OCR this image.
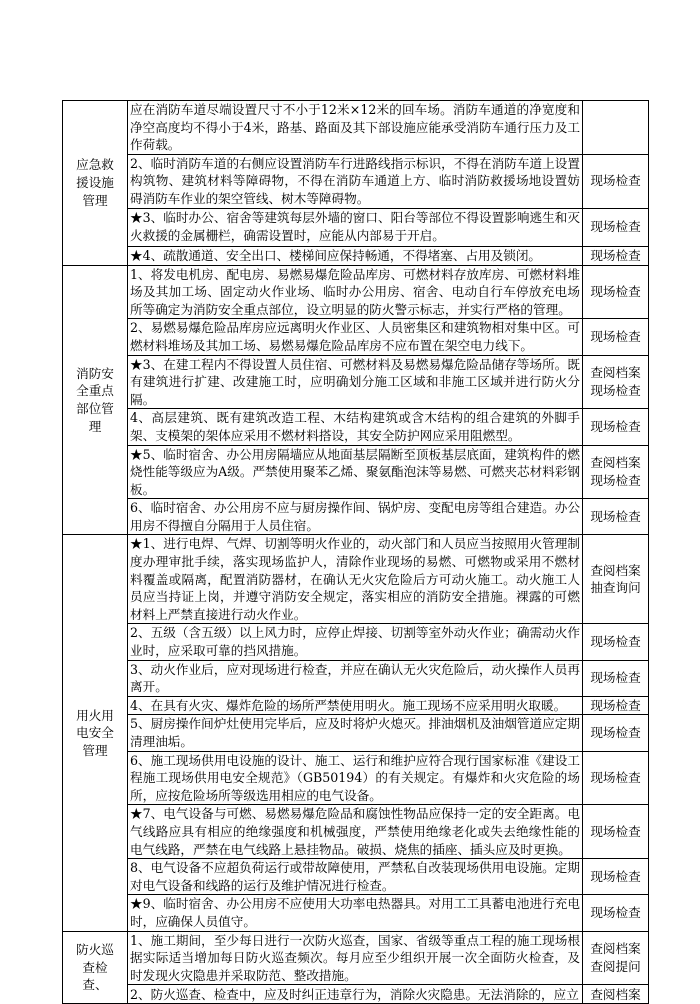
应急救援设施管理	应在消防车道尽端设置尺寸不小于12米×12米的回车场。消防车通道的净宽度和净空高度均不得小于4米，路基、路面及其下部设施应能承受消防车通行压力及工作荷载。	
	2、临时消防车道的右侧应设置消防车行进路线指示标识，不得在消防车道上设置构筑物、建筑材料等障碍物，不得在消防车通道上方、临时消防救援场地设置妨碍消防车作业的架空管线、树木等障碍物。	现场检查
	★3、临时办公、宿舍等建筑每层外墙的窗口、阳台等部位不得设置影响逃生和灭火救援的金属栅栏，确需设置时，应能从内部易于开启。	现场检查
	★4、疏散通道、安全出口、楼梯间应保持畅通，不得堵塞、占用及锁闭。	现场检查
消防安全重点部位管理	1、将发电机房、配电房、易燃易爆危险品库房、可燃材料存放库房、可燃材料堆场及其加工场、固定动火作业场、临时办公用房、宿舍、电动自行车停放充电场所等确定为消防安全重点部位，设立明显的防火警示标志，并实行严格的管理。	现场检查
	2、易燃易爆危险品库房应远离明火作业区、人员密集区和建筑物相对集中区。可燃材料堆场及其加工场、易燃易爆危险品库房不应布置在架空电力线下。	现场检查
	★3、在建工程内不得设置人员住宿、可燃材料及易燃易爆危险品储存等场所。既有建筑进行扩建、改建施工时，应明确划分施工区域和非施工区域并进行防火分隔。	查阅档案现场检查
	4、高层建筑、既有建筑改造工程、木结构建筑或含木结构的组合建筑的外脚手架、支模架的架体应采用不燃材料搭设，其安全防护网应采用阻燃型。	现场检查
	★5、临时宿舍、办公用房隔墙应从地面基层隔断至顶板基层底面，建筑构件的燃烧性能等级应为A级。严禁使用聚苯乙烯、聚氨酯泡沫等易燃、可燃夹芯材料彩钢板。	查阅档案现场检查
	6、临时宿舍、办公用房不应与厨房操作间、锅炉房、变配电房等组合建造。办公用房不得擅自分隔用于人员住宿。	现场检查
用火用电安全管理	★1、进行电焊、气焊、切割等明火作业的，动火部门和人员应当按照用火管理制度办理审批手续，落实现场监护人，清除作业现场的易燃、可燃物或采用不燃材料覆盖或隔离，配置消防器材，在确认无火灾危险后方可动火施工。动火施工人员应当持证上岗，并遵守消防安全规定，落实相应的消防安全措施。裸露的可燃材料上严禁直接进行动火作业。	查阅档案抽查询问
	2、五级（含五级）以上风力时，应停止焊接、切割等室外动火作业；确需动火作业时，应采取可靠的挡风措施。	现场检查
	3、动火作业后，应对现场进行检查，并应在确认无火灾危险后，动火操作人员再离开。	现场检查
	4、在具有火灾、爆炸危险的场所严禁使用明火。施工现场不应采用明火取暖。	现场检查
	5、厨房操作间炉灶使用完毕后，应及时将炉火熄灭。排油烟机及油烟管道应定期清理油垢。	现场检查
	6、施工现场供用电设施的设计、施工、运行和维护应符合现行国家标准《建设工程施工现场供用电安全规范》（GB50194）的有关规定。有爆炸和火灾危险的场所，应按危险场所等级选用相应的电气设备。	现场检查
	★7、电气设备与可燃、易燃易爆危险品和腐蚀性物品应保持一定的安全距离。电气线路应具有相应的绝缘强度和机械强度，严禁使用绝缘老化或失去绝缘性能的电气线路，严禁在电气线路上悬挂物品。破损、烧焦的插座、插头应及时更换。	现场检查
	8、电气设备不应超负荷运行或带故障使用，严禁私自改装现场供用电设施。定期对电气设备和线路的运行及维护情况进行检查。	现场检查
	★9、临时宿舍、办公用房不应使用大功率电热器具。对用工工具蓄电池进行充电时，应确保人员值守。	现场检查
防火巡查检查、	1、施工期间，至少每日进行一次防火巡查，国家、省级等重点工程的施工现场根据实际适当增加每日防火巡查频次。每月应至少组织开展一次全面防火检查，及时发现火灾隐患并采取防范、整改措施。	查阅档案查阅提问
	2、防火巡查、检查中，应及时纠正违章行为，消除火灾隐患。无法消除的，应立	查阅档案
